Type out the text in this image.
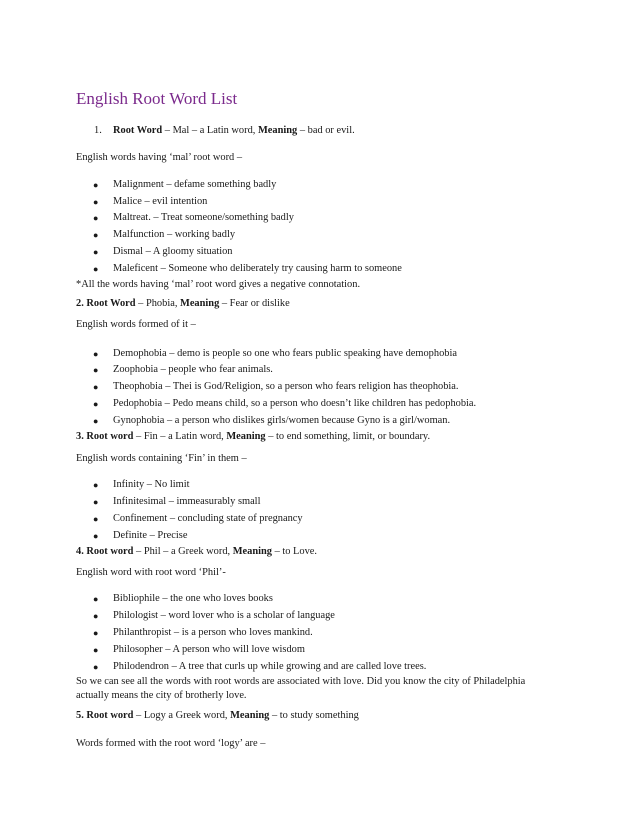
English Root Word List

1. Root Word – Mal – a Latin word, Meaning – bad or evil.

English words having ‘mal’ root word –

● Malignment – defame something badly
● Malice – evil intention
● Maltreat. – Treat someone/something badly
● Malfunction – working badly
● Dismal – A gloomy situation
● Maleficent – Someone who deliberately try causing harm to someone

*All the words having ‘mal’ root word gives a negative connotation.

2. Root Word – Phobia, Meaning – Fear or dislike

English words formed of it –

● Demophobia – demo is people so one who fears public speaking have demophobia
● Zoophobia – people who fear animals.
● Theophobia – Thei is God/Religion, so a person who fears religion has theophobia.
● Pedophobia – Pedo means child, so a person who doesn’t like children has pedophobia.
● Gynophobia – a person who dislikes girls/women because Gyno is a girl/woman.

3. Root word – Fin – a Latin word, Meaning – to end something, limit, or boundary.

English words containing ‘Fin’ in them –

● Infinity – No limit
● Infinitesimal – immeasurably small
● Confinement – concluding state of pregnancy
● Definite – Precise

4. Root word – Phil – a Greek word, Meaning – to Love.

English word with root word ‘Phil’-

● Bibliophile – the one who loves books
● Philologist – word lover who is a scholar of language
● Philanthropist – is a person who loves mankind.
● Philosopher – A person who will love wisdom
● Philodendron – A tree that curls up while growing and are called love trees.

So we can see all the words with root words are associated with love. Did you know the city of Philadelphia actually means the city of brotherly love.

5. Root word – Logy a Greek word, Meaning – to study something

Words formed with the root word ‘logy’ are –
